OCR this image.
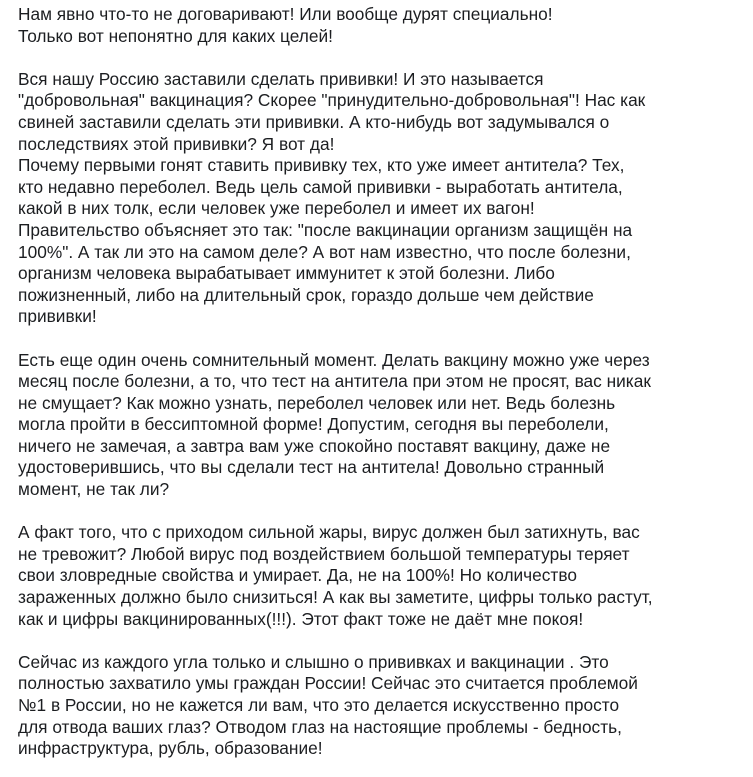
Нам явно что-то не договаривают! Или вообще дурят специально!
Только вот непонятно для каких целей!

Вся нашу Россию заставили сделать прививки! И это называется
"добровольная" вакцинация? Скорее "принудительно-добровольная"! Нас как
свиней заставили сделать эти прививки. А кто-нибудь вот задумывался о
последствиях этой прививки? Я вот да!
Почему первыми гонят ставить прививку тех, кто уже имеет антитела? Тех,
кто недавно переболел. Ведь цель самой прививки - выработать антитела,
какой в них толк, если человек уже переболел и имеет их вагон!
Правительство объясняет это так: "после вакцинации организм защищён на
100%". А так ли это на самом деле? А вот нам известно, что после болезни,
организм человека вырабатывает иммунитет к этой болезни. Либо
пожизненный, либо на длительный срок, гораздо дольше чем действие
прививки!

Есть еще один очень сомнительный момент. Делать вакцину можно уже через
месяц после болезни, а то, что тест на антитела при этом не просят, вас никак
не смущает? Как можно узнать, переболел человек или нет. Ведь болезнь
могла пройти в бессиптомной форме! Допустим, сегодня вы переболели,
ничего не замечая, а завтра вам уже спокойно поставят вакцину, даже не
удостоверившись, что вы сделали тест на антитела! Довольно странный
момент, не так ли?

А факт того, что с приходом сильной жары, вирус должен был затихнуть, вас
не тревожит? Любой вирус под воздействием большой температуры теряет
свои зловредные свойства и умирает. Да, не на 100%! Но количество
зараженных должно было снизиться! А как вы заметите, цифры только растут,
как и цифры вакцинированных(!!!). Этот факт тоже не даёт мне покоя!

Сейчас из каждого угла только и слышно о прививках и вакцинации . Это
полностью захватило умы граждан России! Сейчас это считается проблемой
№1 в России, но не кажется ли вам, что это делается искусственно просто
для отвода ваших глаз? Отводом глаз на настоящие проблемы - бедность,
инфраструктура, рубль, образование!
